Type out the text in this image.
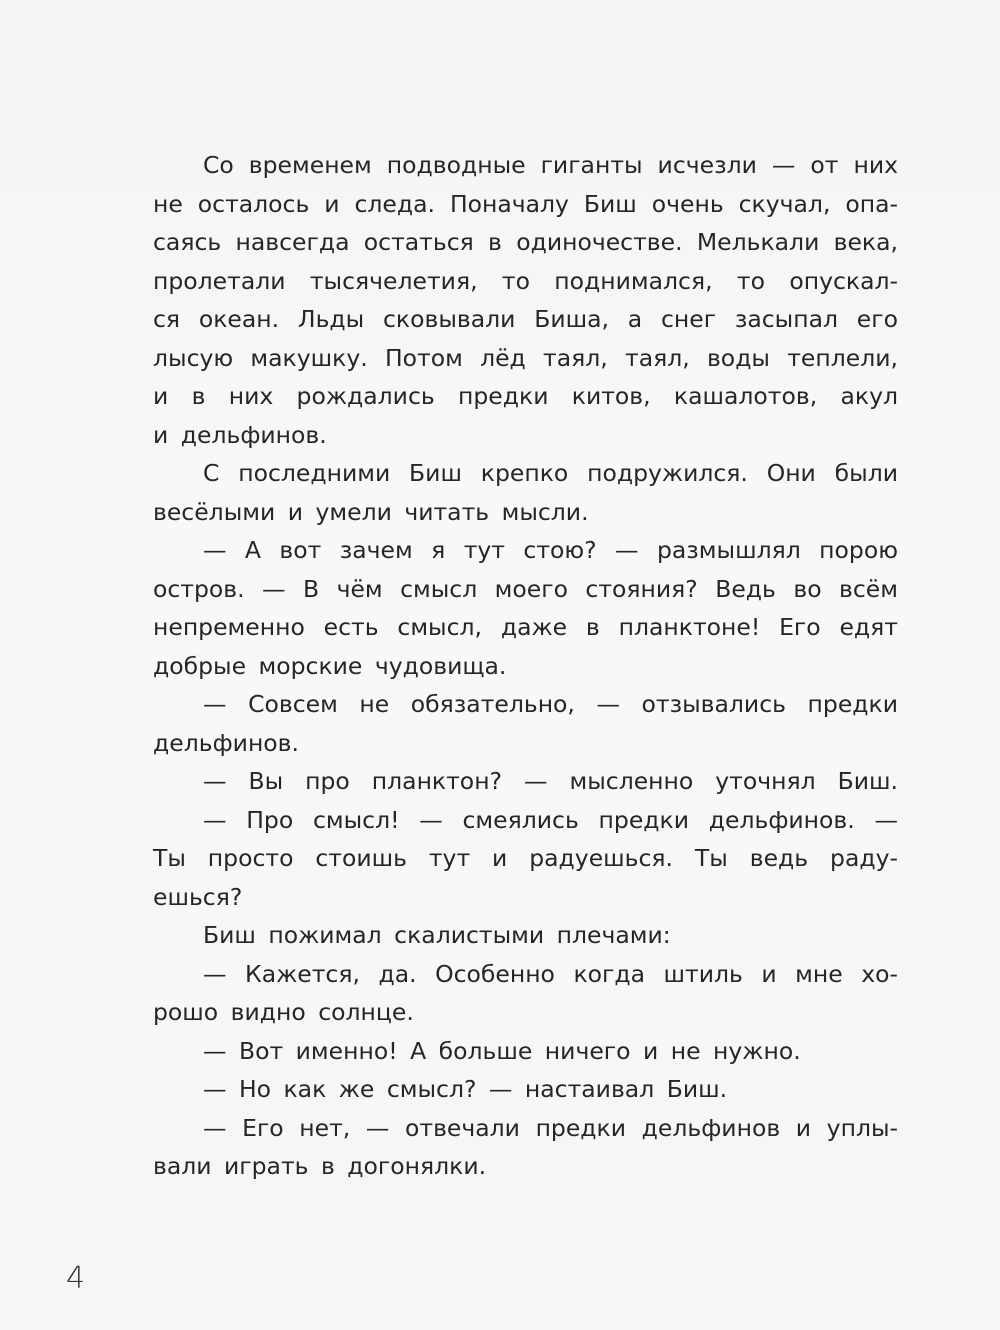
Со временем подводные гиганты исчезли — от них
не осталось и следа. Поначалу Биш очень скучал, опа-
саясь навсегда остаться в одиночестве. Мелькали века,
пролетали тысячелетия, то поднимался, то опускал-
ся океан. Льды сковывали Биша, а снег засыпал его
лысую макушку. Потом лёд таял, таял, воды теплели,
и в них рождались предки китов, кашалотов, акул
и дельфинов.
С последними Биш крепко подружился. Они были
весёлыми и умели читать мысли.
— А вот зачем я тут стою? — размышлял порою
остров. — В чём смысл моего стояния? Ведь во всём
непременно есть смысл, даже в планктоне! Его едят
добрые морские чудовища.
— Совсем не обязательно, — отзывались предки
дельфинов.
— Вы про планктон? — мысленно уточнял Биш.
— Про смысл! — смеялись предки дельфинов. —
Ты просто стоишь тут и радуешься. Ты ведь раду-
ешься?
Биш пожимал скалистыми плечами:
— Кажется, да. Особенно когда штиль и мне хо-
рошо видно солнце.
— Вот именно! А больше ничего и не нужно.
— Но как же смысл? — настаивал Биш.
— Его нет, — отвечали предки дельфинов и уплы-
вали играть в догонялки.
4
